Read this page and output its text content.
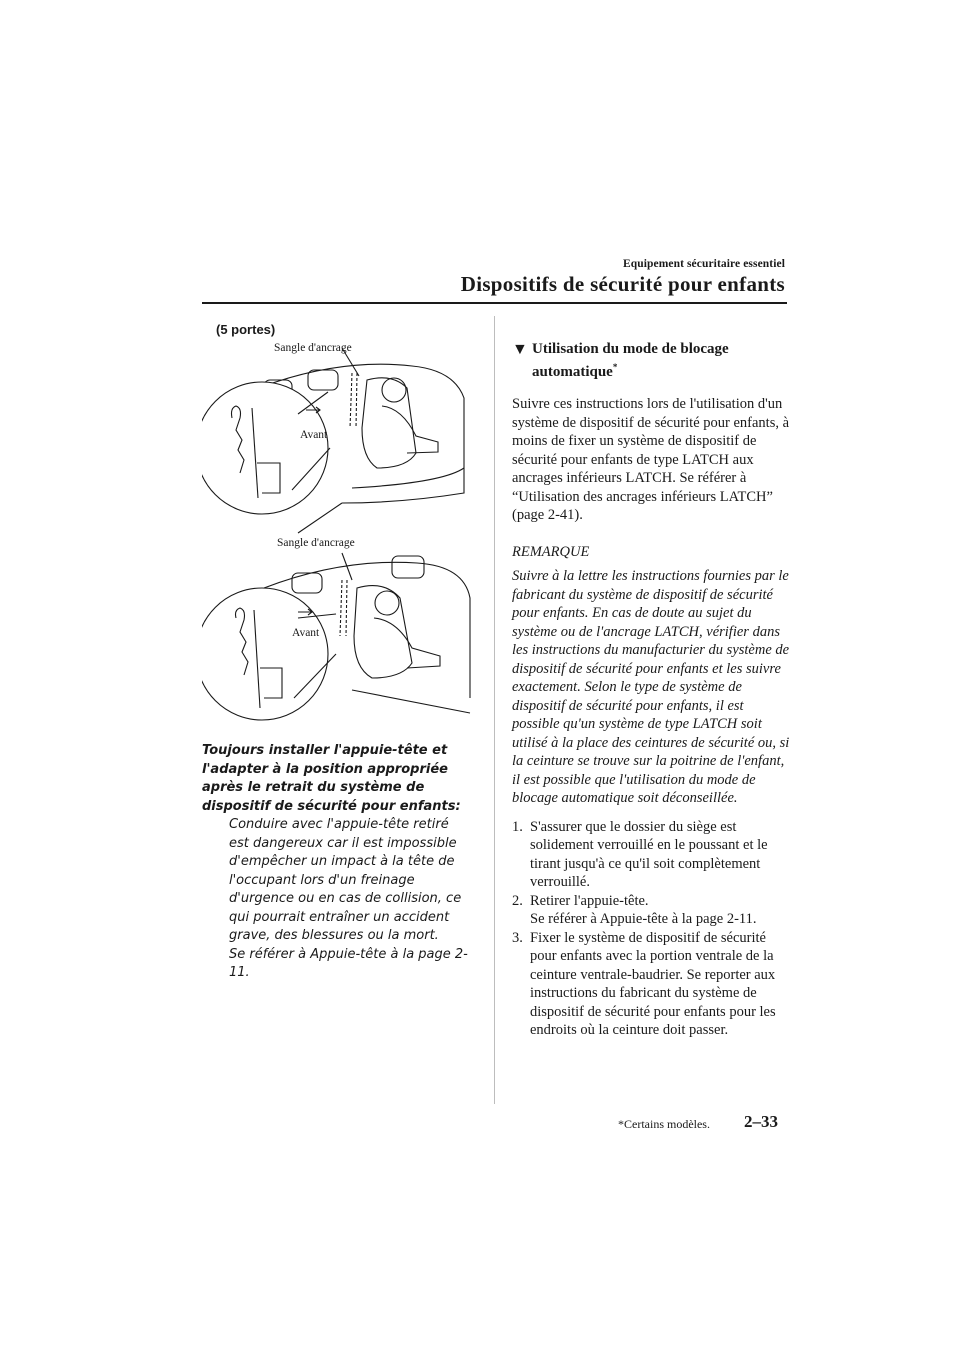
Equipement sécuritaire essentiel
Dispositifs de sécurité pour enfants
(5 portes)
Sangle d'ancrage
Avant
Sangle d'ancrage
Avant
Toujours installer l'appuie-tête et l'adapter à la position appropriée après le retrait du système de dispositif de sécurité pour enfants:
Conduire avec l'appuie-tête retiré est dangereux car il est impossible d'empêcher un impact à la tête de l'occupant lors d'un freinage d'urgence ou en cas de collision, ce qui pourrait entraîner un accident grave, des blessures ou la mort.
Se référer à Appuie-tête à la page 2-11.
▼ Utilisation du mode de blocage automatique*
Suivre ces instructions lors de l'utilisation d'un système de dispositif de sécurité pour enfants, à moins de fixer un système de dispositif de sécurité pour enfants de type LATCH aux ancrages inférieurs LATCH. Se référer à “Utilisation des ancrages inférieurs LATCH” (page 2-41).
REMARQUE
Suivre à la lettre les instructions fournies par le fabricant du système de dispositif de sécurité pour enfants. En cas de doute au sujet du système ou de l'ancrage LATCH, vérifier dans les instructions du manufacturier du système de dispositif de sécurité pour enfants et les suivre exactement. Selon le type de système de dispositif de sécurité pour enfants, il est possible qu'un système de type LATCH soit utilisé à la place des ceintures de sécurité ou, si la ceinture se trouve sur la poitrine de l'enfant, il est possible que l'utilisation du mode de blocage automatique soit déconseillée.
1. S'assurer que le dossier du siège est solidement verrouillé en le poussant et le tirant jusqu'à ce qu'il soit complètement verrouillé.
2. Retirer l'appuie-tête.
Se référer à Appuie-tête à la page 2-11.
3. Fixer le système de dispositif de sécurité pour enfants avec la portion ventrale de la ceinture ventrale-baudrier. Se reporter aux instructions du fabricant du système de dispositif de sécurité pour enfants pour les endroits où la ceinture doit passer.
*Certains modèles. 2–33
